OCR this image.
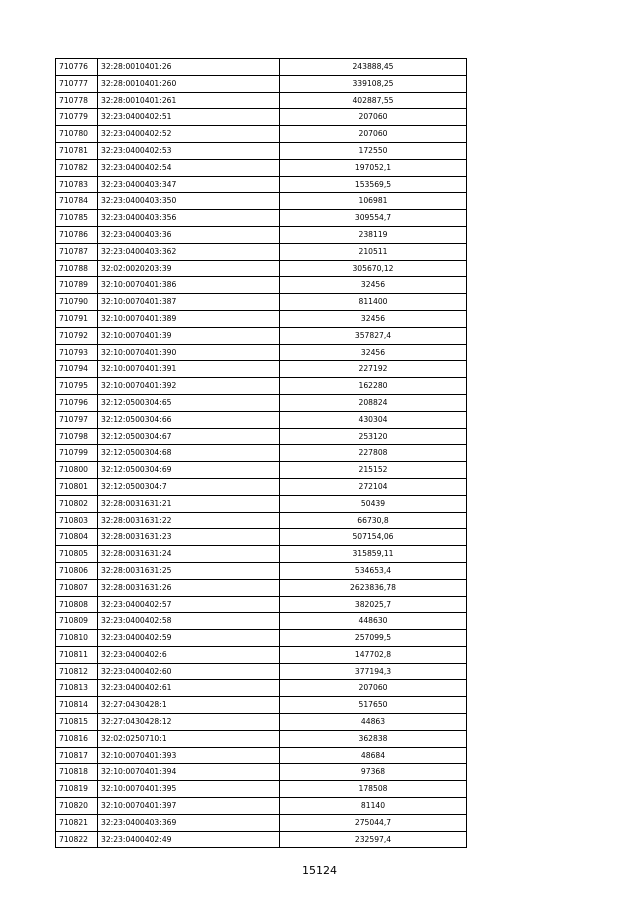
710776	32:28:0010401:26	243888,45
710777	32:28:0010401:260	339108,25
710778	32:28:0010401:261	402887,55
710779	32:23:0400402:51	207060
710780	32:23:0400402:52	207060
710781	32:23:0400402:53	172550
710782	32:23:0400402:54	197052,1
710783	32:23:0400403:347	153569,5
710784	32:23:0400403:350	106981
710785	32:23:0400403:356	309554,7
710786	32:23:0400403:36	238119
710787	32:23:0400403:362	210511
710788	32:02:0020203:39	305670,12
710789	32:10:0070401:386	32456
710790	32:10:0070401:387	811400
710791	32:10:0070401:389	32456
710792	32:10:0070401:39	357827,4
710793	32:10:0070401:390	32456
710794	32:10:0070401:391	227192
710795	32:10:0070401:392	162280
710796	32:12:0500304:65	208824
710797	32:12:0500304:66	430304
710798	32:12:0500304:67	253120
710799	32:12:0500304:68	227808
710800	32:12:0500304:69	215152
710801	32:12:0500304:7	272104
710802	32:28:0031631:21	50439
710803	32:28:0031631:22	66730,8
710804	32:28:0031631:23	507154,06
710805	32:28:0031631:24	315859,11
710806	32:28:0031631:25	534653,4
710807	32:28:0031631:26	2623836,78
710808	32:23:0400402:57	382025,7
710809	32:23:0400402:58	448630
710810	32:23:0400402:59	257099,5
710811	32:23:0400402:6	147702,8
710812	32:23:0400402:60	377194,3
710813	32:23:0400402:61	207060
710814	32:27:0430428:1	517650
710815	32:27:0430428:12	44863
710816	32:02:0250710:1	362838
710817	32:10:0070401:393	48684
710818	32:10:0070401:394	97368
710819	32:10:0070401:395	178508
710820	32:10:0070401:397	81140
710821	32:23:0400403:369	275044,7
710822	32:23:0400402:49	232597,4
15124
